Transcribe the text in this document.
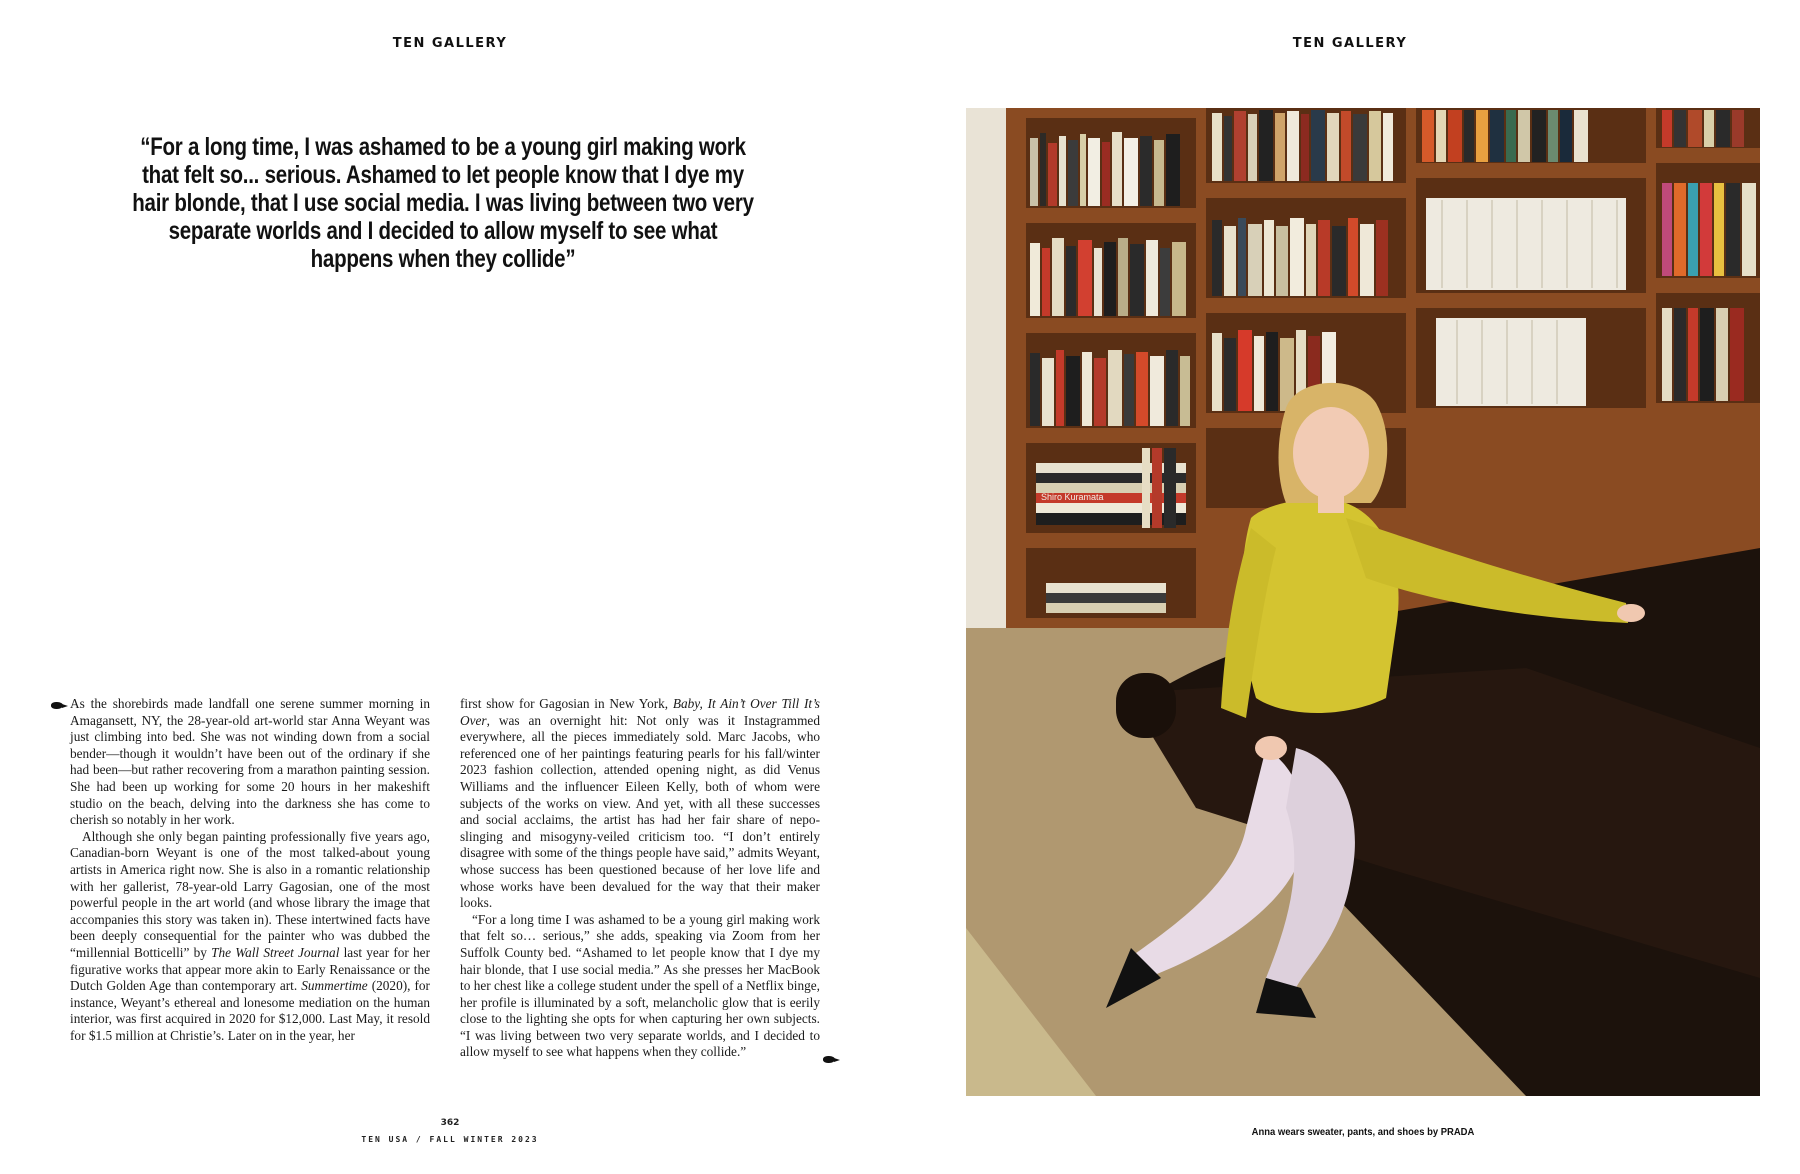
TEN GALLERY
“For a long time, I was ashamed to be a young girl making work that felt so... serious. Ashamed to let people know that I dye my hair blonde, that I use social media. I was living between two very separate worlds and I decided to allow myself to see what happens when they collide”

As the shorebirds made landfall one serene summer morning in Amagansett, NY, the 28-year-old art-world star Anna Weyant was just climbing into bed. She was not winding down from a social bender—though it wouldn’t have been out of the ordinary if she had been—but rather recovering from a marathon painting session. She had been up working for some 20 hours in her makeshift studio on the beach, delving into the darkness she has come to cherish so notably in her work.

Although she only began painting professionally five years ago, Canadian-born Weyant is one of the most talked-about young artists in America right now. She is also in a romantic relationship with her gallerist, 78-year-old Larry Gagosian, one of the most powerful people in the art world (and whose library the image that accompanies this story was taken in). These intertwined facts have been deeply consequential for the painter who was dubbed the “millennial Botticelli” by The Wall Street Journal last year for her figurative works that appear more akin to Early Renaissance or the Dutch Golden Age than contemporary art. Summertime (2020), for instance, Weyant’s ethereal and lonesome mediation on the human interior, was first acquired in 2020 for $12,000. Last May, it resold for $1.5 million at Christie’s. Later on in the year, her

first show for Gagosian in New York, Baby, It Ain’t Over Till It’s Over, was an overnight hit: Not only was it Instagrammed everywhere, all the pieces immediately sold. Marc Jacobs, who referenced one of her paintings featuring pearls for his fall/winter 2023 fashion collection, attended opening night, as did Venus Williams and the influencer Eileen Kelly, both of whom were subjects of the works on view. And yet, with all these successes and social acclaims, the artist has had her fair share of nepo-slinging and misogyny-veiled criticism too. “I don’t entirely disagree with some of the things people have said,” admits Weyant, whose success has been questioned because of her love life and whose works have been devalued for the way that their maker looks.

“For a long time I was ashamed to be a young girl making work that felt so… serious,” she adds, speaking via Zoom from her Suffolk County bed. “Ashamed to let people know that I dye my hair blonde, that I use social media.” As she presses her MacBook to her chest like a college student under the spell of a Netflix binge, her profile is illuminated by a soft, melancholic glow that is eerily close to the lighting she opts for when capturing her own subjects. “I was living between two very separate worlds, and I decided to allow myself to see what happens when they collide.”

362
TEN USA / FALL WINTER 2023
TEN GALLERY
Shiro Kuramata
Anna wears sweater, pants, and shoes by PRADA
